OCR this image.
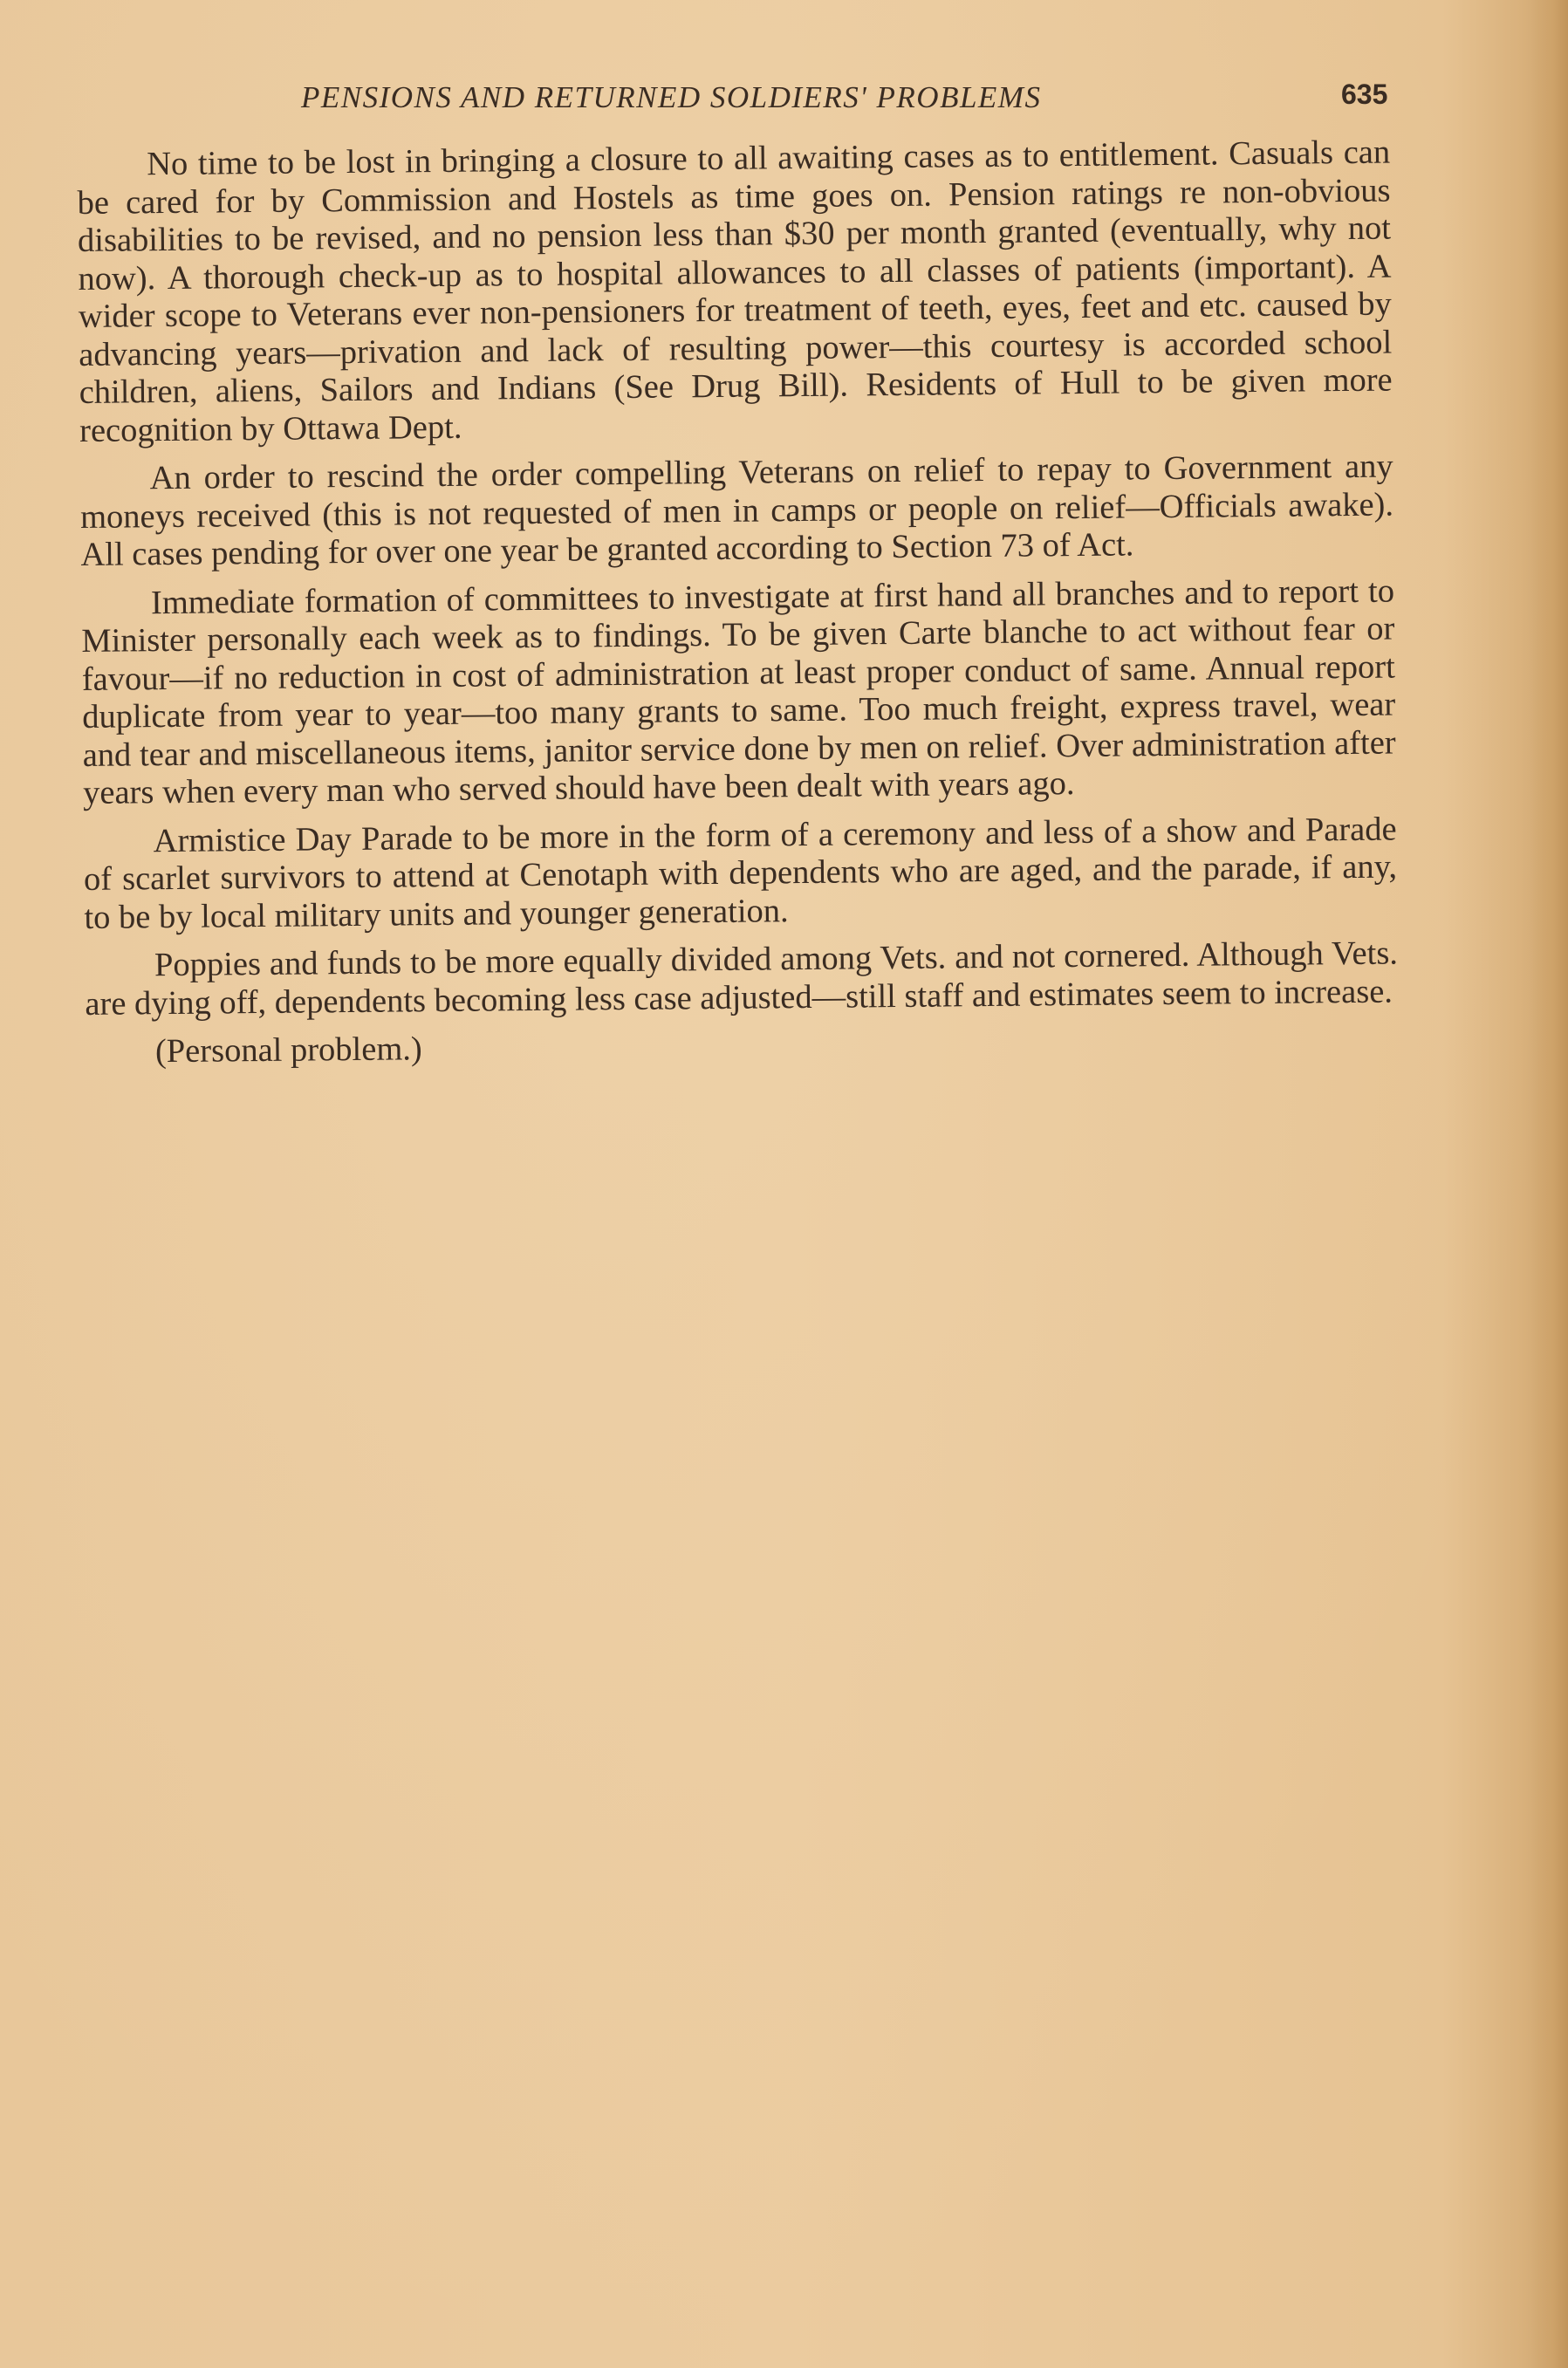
PENSIONS AND RETURNED SOLDIERS' PROBLEMS	635

No time to be lost in bringing a closure to all awaiting cases as to entitlement. Casuals can be cared for by Commission and Hostels as time goes on. Pension ratings re non-obvious disabilities to be revised, and no pension less than $30 per month granted (eventually, why not now). A thorough check-up as to hospital allowances to all classes of patients (important). A wider scope to Veterans ever non-pensioners for treatment of teeth, eyes, feet and etc. caused by advancing years—privation and lack of resulting power—this courtesy is accorded school children, aliens, Sailors and Indians (See Drug Bill). Residents of Hull to be given more recognition by Ottawa Dept.

An order to rescind the order compelling Veterans on relief to repay to Government any moneys received (this is not requested of men in camps or people on relief—Officials awake). All cases pending for over one year be granted according to Section 73 of Act.

Immediate formation of committees to investigate at first hand all branches and to report to Minister personally each week as to findings. To be given Carte blanche to act without fear or favour—if no reduction in cost of administration at least proper conduct of same. Annual report duplicate from year to year—too many grants to same. Too much freight, express travel, wear and tear and miscellaneous items, janitor service done by men on relief. Over administration after years when every man who served should have been dealt with years ago.

Armistice Day Parade to be more in the form of a ceremony and less of a show and Parade of scarlet survivors to attend at Cenotaph with dependents who are aged, and the parade, if any, to be by local military units and younger generation.

Poppies and funds to be more equally divided among Vets. and not cornered. Although Vets. are dying off, dependents becoming less case adjusted—still staff and estimates seem to increase.

(Personal problem.)
